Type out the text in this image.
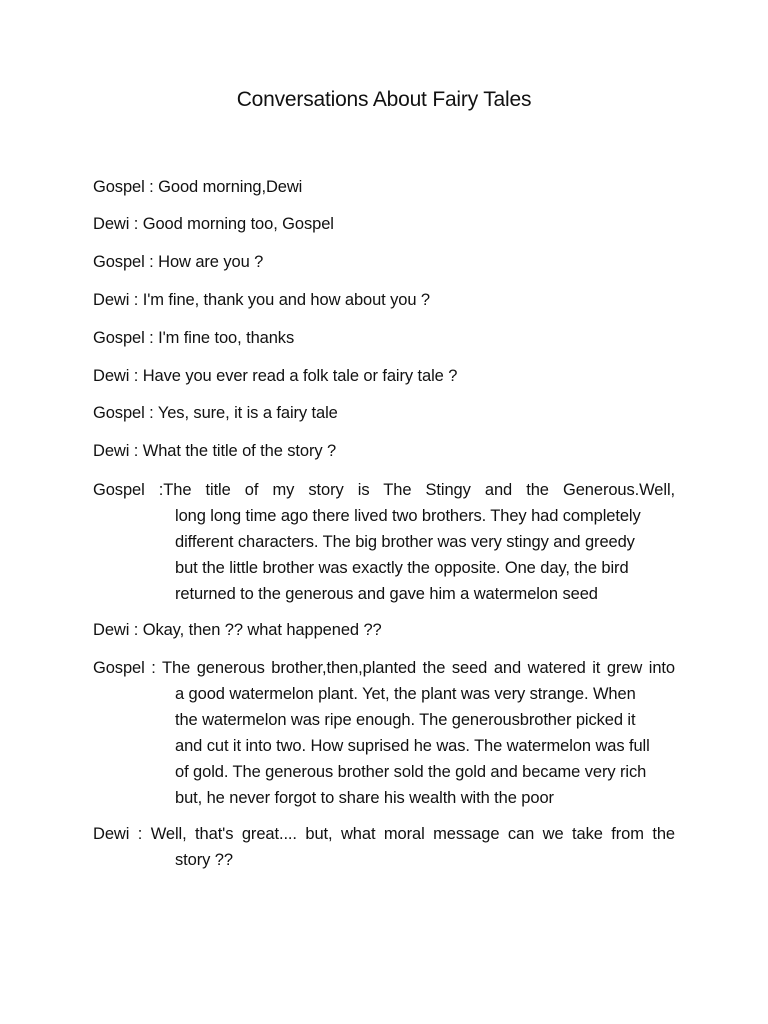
Conversations About Fairy Tales
Gospel : Good morning,Dewi
Dewi : Good morning too, Gospel
Gospel : How are you ?
Dewi : I'm fine, thank you and how about you ?
Gospel : I'm fine too, thanks
Dewi : Have you ever read a folk tale or fairy tale ?
Gospel : Yes, sure, it is a fairy tale
Dewi : What the title of the story ?
Gospel :The title of my story is The Stingy and the Generous.Well,
long long time ago there lived two brothers. They had completely
different characters. The big brother was very stingy and greedy
but the little brother was exactly the opposite. One day, the bird
returned to the generous and gave him a watermelon seed
Dewi : Okay, then ?? what happened ??
Gospel : The generous brother,then,planted the seed and watered it grew into
a good watermelon plant. Yet, the plant was very strange. When
the watermelon was ripe enough. The generousbrother picked it
and cut it into two. How suprised he was. The watermelon was full
of gold. The generous brother sold the gold and became very rich
but, he never forgot to share his wealth with the poor
Dewi : Well, that's great.... but, what moral message can we take from the
story ??
